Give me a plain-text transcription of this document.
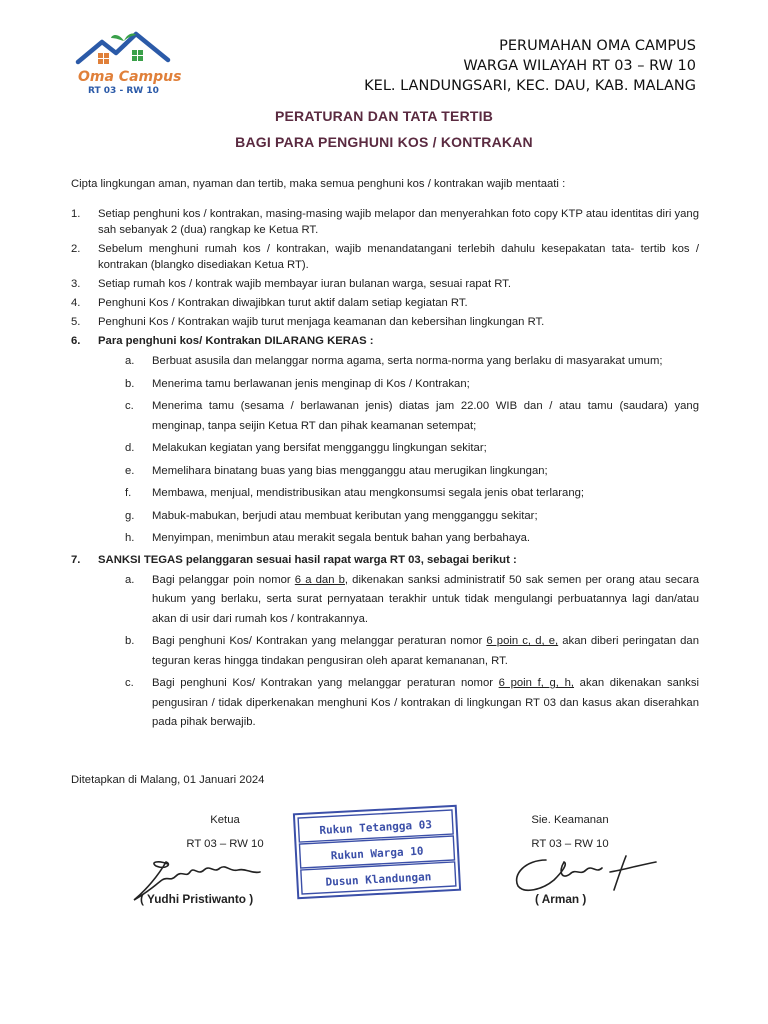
Oma Campus
RT 03 - RW 10
PERUMAHAN OMA CAMPUS
WARGA WILAYAH RT 03 – RW 10
KEL. LANDUNGSARI, KEC. DAU, KAB. MALANG
PERATURAN DAN TATA TERTIB
BAGI PARA PENGHUNI KOS / KONTRAKAN
Cipta lingkungan aman, nyaman dan tertib, maka semua penghuni kos / kontrakan wajib mentaati :
1. Setiap penghuni kos / kontrakan, masing-masing wajib melapor dan menyerahkan foto copy KTP atau identitas diri yang sah sebanyak 2 (dua) rangkap ke Ketua RT.
2. Sebelum menghuni rumah kos / kontrakan, wajib menandatangani terlebih dahulu kesepakatan tata- tertib kos / kontrakan (blangko disediakan Ketua RT).
3. Setiap rumah kos / kontrak wajib membayar iuran bulanan warga, sesuai rapat RT.
4. Penghuni Kos / Kontrakan diwajibkan turut aktif dalam setiap kegiatan RT.
5. Penghuni Kos / Kontrakan wajib turut menjaga keamanan dan kebersihan lingkungan RT.
6. Para penghuni kos/ Kontrakan DILARANG KERAS :
a. Berbuat asusila dan melanggar norma agama, serta norma-norma yang berlaku di masyarakat umum;
b. Menerima tamu berlawanan jenis menginap di Kos / Kontrakan;
c. Menerima tamu (sesama / berlawanan jenis) diatas jam 22.00 WIB dan / atau tamu (saudara) yang menginap, tanpa seijin Ketua RT dan pihak keamanan setempat;
d. Melakukan kegiatan yang bersifat mengganggu lingkungan sekitar;
e. Memelihara binatang buas yang bias mengganggu atau merugikan lingkungan;
f. Membawa, menjual, mendistribusikan atau mengkonsumsi segala jenis obat terlarang;
g. Mabuk-mabukan, berjudi atau membuat keributan yang mengganggu sekitar;
h. Menyimpan, menimbun atau merakit segala bentuk bahan yang berbahaya.
7. SANKSI TEGAS pelanggaran sesuai hasil rapat warga RT 03, sebagai berikut :
a. Bagi pelanggar poin nomor 6 a dan b, dikenakan sanksi administratif 50 sak semen per orang atau secara hukum yang berlaku, serta surat pernyataan terakhir untuk tidak mengulangi perbuatannya lagi dan/atau akan di usir dari rumah kos / kontrakannya.
b. Bagi penghuni Kos/ Kontrakan yang melanggar peraturan nomor 6 poin c, d, e, akan diberi peringatan dan teguran keras hingga tindakan pengusiran oleh aparat kemananan, RT.
c. Bagi penghuni Kos/ Kontrakan yang melanggar peraturan nomor 6 poin f, g, h, akan dikenakan sanksi pengusiran / tidak diperkenakan menghuni Kos / kontrakan di lingkungan RT 03 dan kasus akan diserahkan pada pihak berwajib.
Ditetapkan di Malang, 01 Januari 2024
Ketua
RT 03 – RW 10
( Yudhi Pristiwanto )
Rukun Tetangga 03
Rukun Warga 10
Dusun Klandungan
Sie. Keamanan
RT 03 – RW 10
( Arman )
